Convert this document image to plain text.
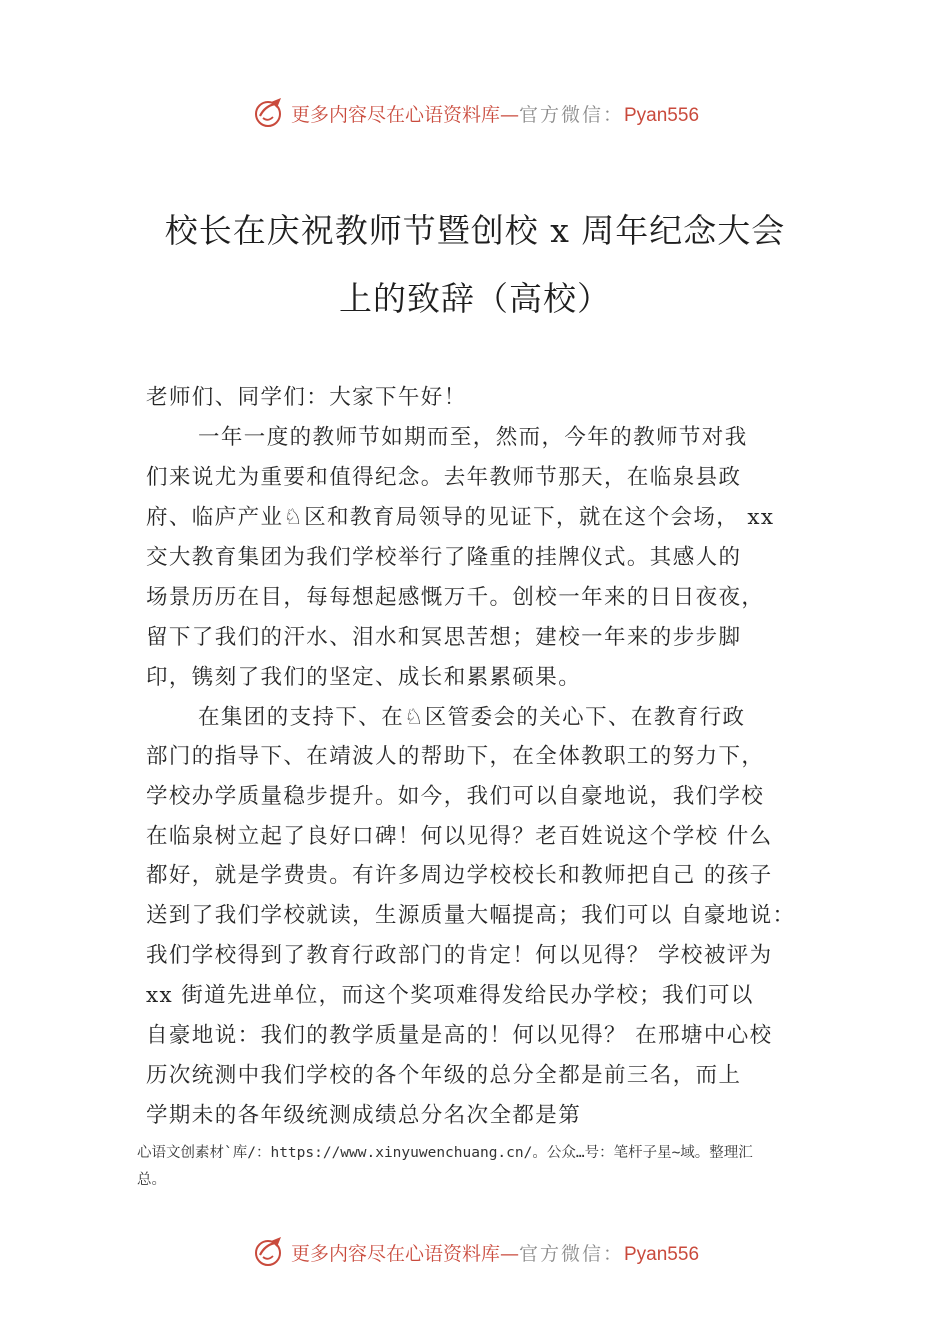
更多内容尽在心语资料库—官方微信：Pyan556
校长在庆祝教师节暨创校 x 周年纪念大会
上的致辞（高校）
老师们、同学们：大家下午好！
一年一度的教师节如期而至，然而，今年的教师节对我
们来说尤为重要和值得纪念。去年教师节那天，在临泉县政
府、临庐产业♘区和教育局领导的见证下，就在这个会场， xx
交大教育集团为我们学校举行了隆重的挂牌仪式。其感人的
场景历历在目，每每想起感慨万千。创校一年来的日日夜夜，
留下了我们的汗水、泪水和冥思苦想；建校一年来的步步脚
印，镌刻了我们的坚定、成长和累累硕果。
在集团的支持下、在♘区管委会的关心下、在教育行政
部门的指导下、在靖波人的帮助下，在全体教职工的努力下，
学校办学质量稳步提升。如今，我们可以自豪地说，我们学校
在临泉树立起了良好口碑！何以见得？老百姓说这个学校 什么
都好，就是学费贵。有许多周边学校校长和教师把自己 的孩子
送到了我们学校就读，生源质量大幅提高；我们可以 自豪地说：
我们学校得到了教育行政部门的肯定！何以见得？ 学校被评为
xx 街道先进单位，而这个奖项难得发给民办学校；我们可以
自豪地说：我们的教学质量是高的！何以见得？ 在邢塘中心校
历次统测中我们学校的各个年级的总分全都是前三名，而上
学期未的各年级统测成绩总分名次全都是第
心语文创素材`库/：https://www.xinyuwenchuang.cn/。公众…号：笔杆子星~域。整理汇
总。
更多内容尽在心语资料库—官方微信：Pyan556
